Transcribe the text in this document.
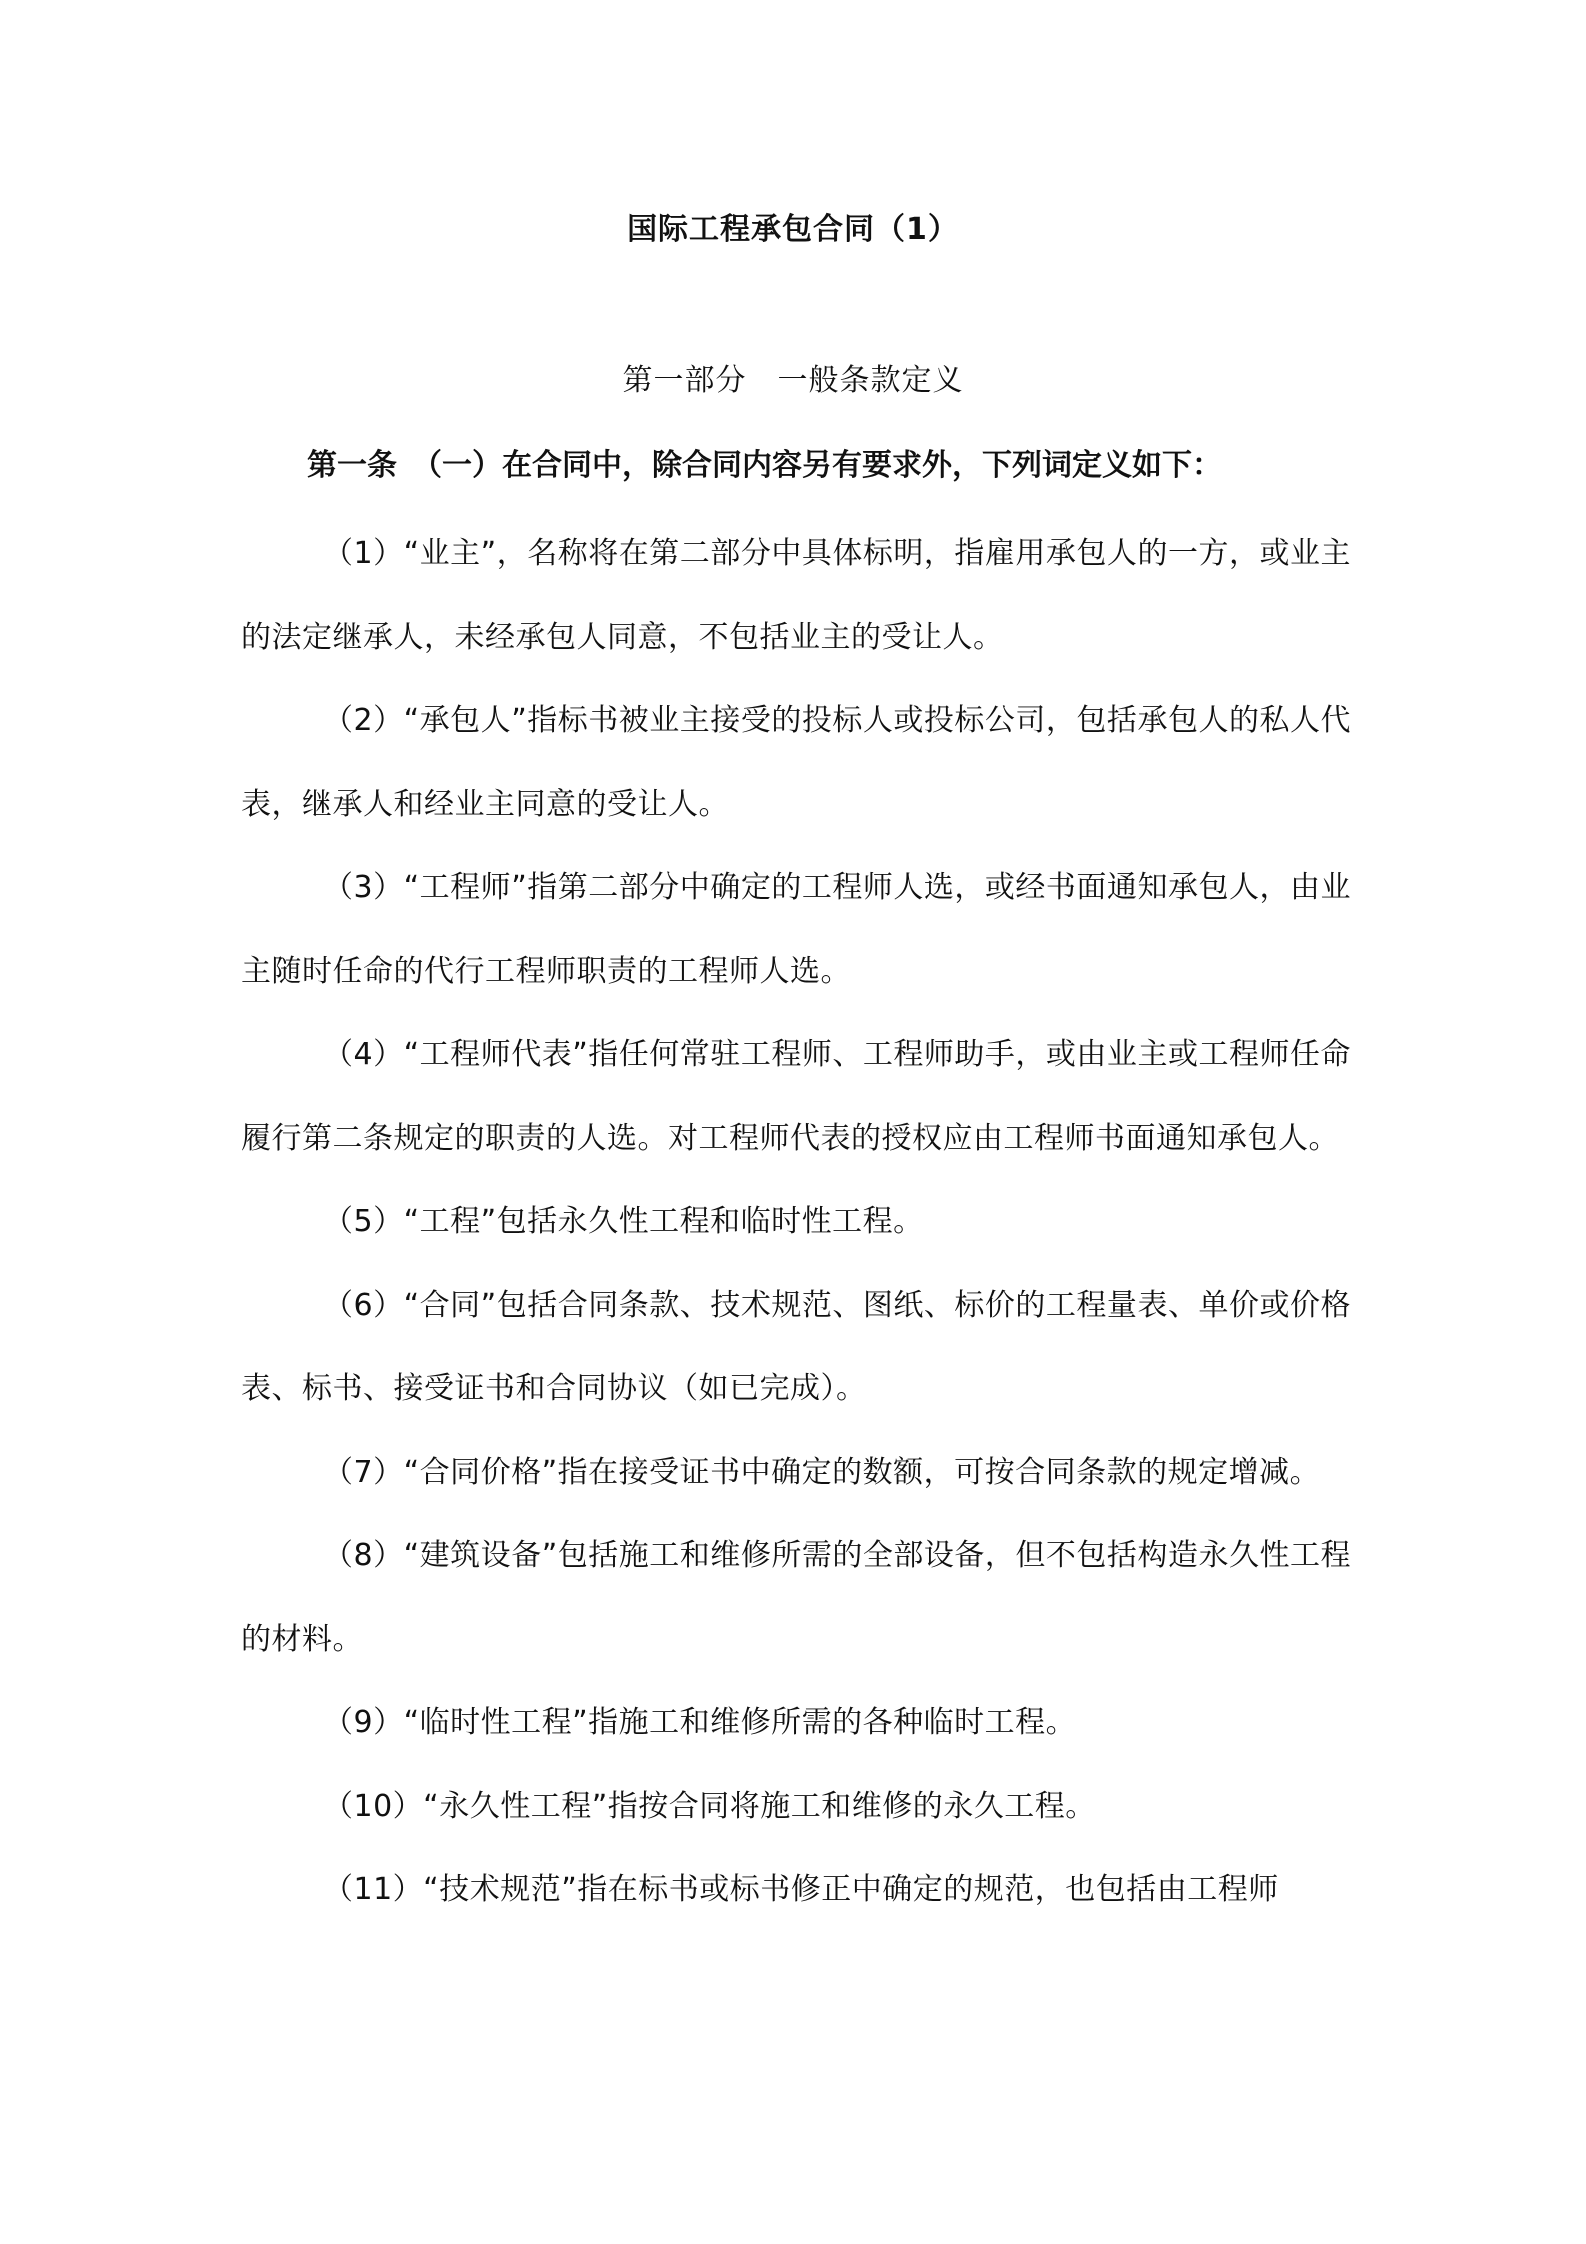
国际工程承包合同（1）
第一部分　一般条款定义
第一条　（一）在合同中，除合同内容另有要求外，下列词定义如下：

（1）“业主”，名称将在第二部分中具体标明，指雇用承包人的一方，或业主的法定继承人，未经承包人同意，不包括业主的受让人。

（2）“承包人”指标书被业主接受的投标人或投标公司，包括承包人的私人代表，继承人和经业主同意的受让人。

（3）“工程师”指第二部分中确定的工程师人选，或经书面通知承包人，由业主随时任命的代行工程师职责的工程师人选。

（4）“工程师代表”指任何常驻工程师、工程师助手，或由业主或工程师任命履行第二条规定的职责的人选。对工程师代表的授权应由工程师书面通知承包人。

（5）“工程”包括永久性工程和临时性工程。

（6）“合同”包括合同条款、技术规范、图纸、标价的工程量表、单价或价格表、标书、接受证书和合同协议（如已完成）。

（7）“合同价格”指在接受证书中确定的数额，可按合同条款的规定增减。

（8）“建筑设备”包括施工和维修所需的全部设备，但不包括构造永久性工程的材料。

（9）“临时性工程”指施工和维修所需的各种临时工程。

（10）“永久性工程”指按合同将施工和维修的永久工程。

（11）“技术规范”指在标书或标书修正中确定的规范，也包括由工程师
